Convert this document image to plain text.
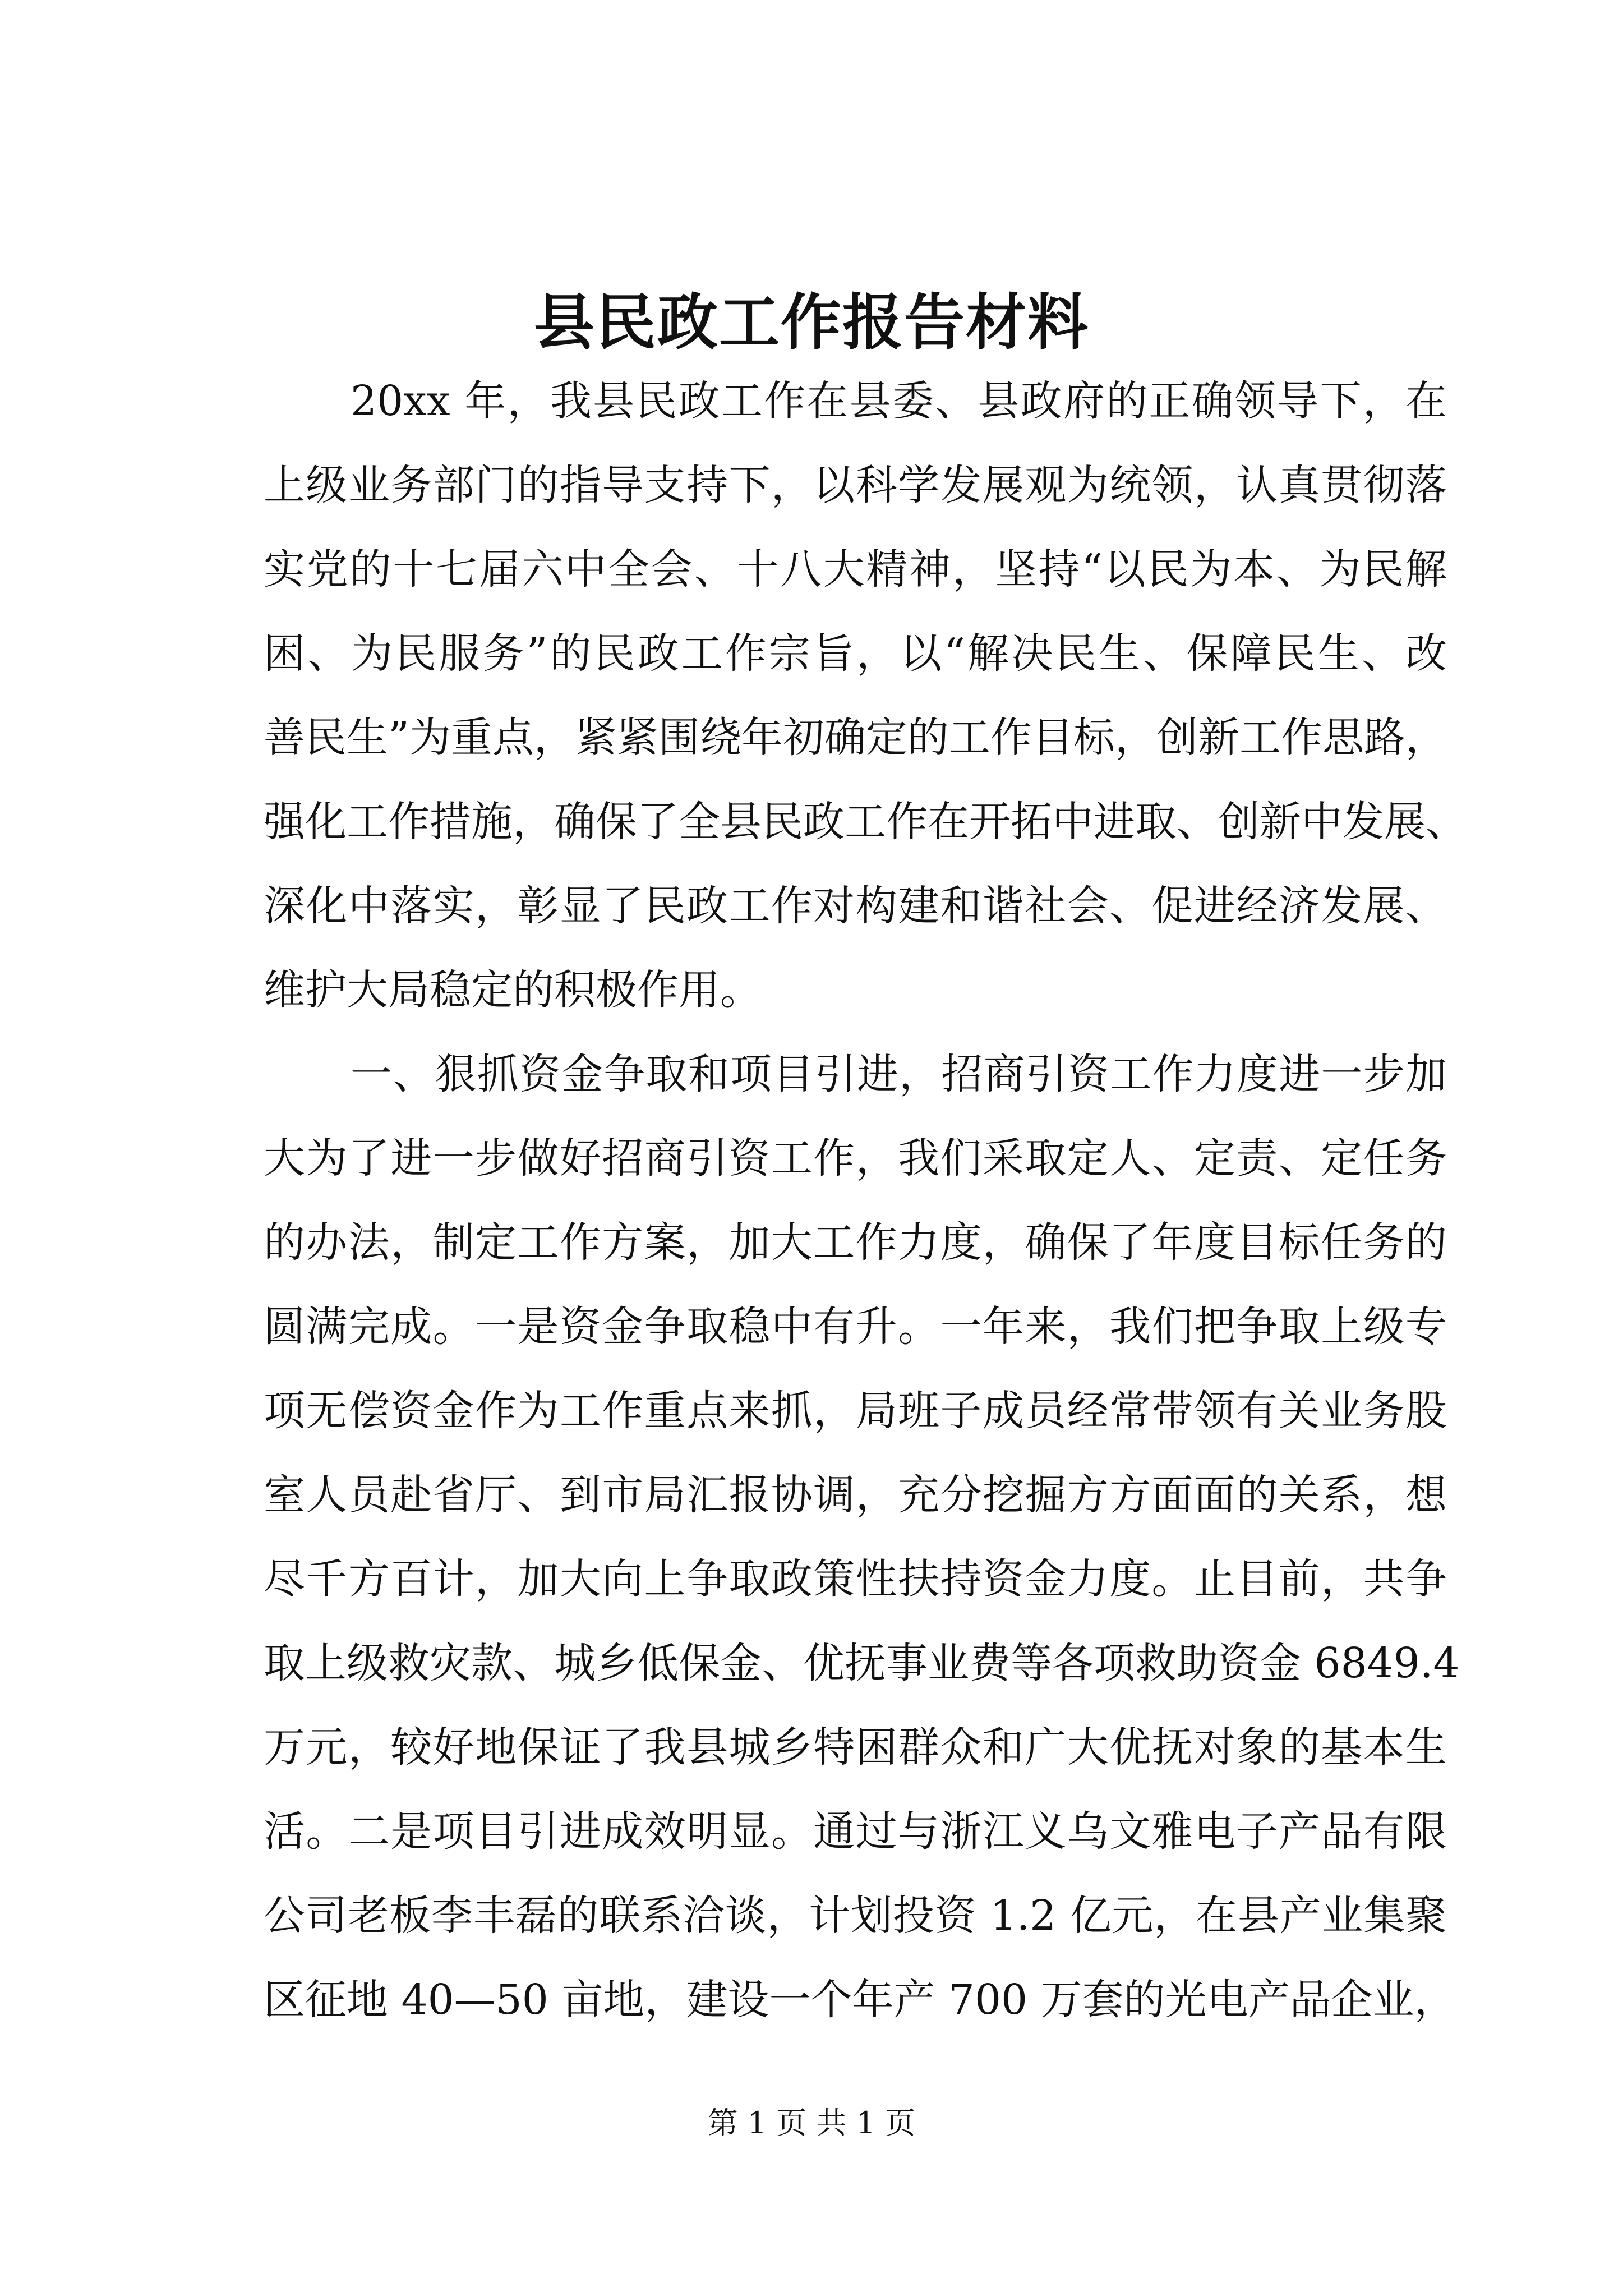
县民政工作报告材料
20xx 年，我县民政工作在县委、县政府的正确领导下，在
上级业务部门的指导支持下，以科学发展观为统领，认真贯彻落
实党的十七届六中全会、十八大精神，坚持“以民为本、为民解
困、为民服务”的民政工作宗旨，以“解决民生、保障民生、改
善民生”为重点，紧紧围绕年初确定的工作目标，创新工作思路，
强化工作措施，确保了全县民政工作在开拓中进取、创新中发展、
深化中落实，彰显了民政工作对构建和谐社会、促进经济发展、
维护大局稳定的积极作用。
一、狠抓资金争取和项目引进，招商引资工作力度进一步加
大为了进一步做好招商引资工作，我们采取定人、定责、定任务
的办法，制定工作方案，加大工作力度，确保了年度目标任务的
圆满完成。一是资金争取稳中有升。一年来，我们把争取上级专
项无偿资金作为工作重点来抓，局班子成员经常带领有关业务股
室人员赴省厅、到市局汇报协调，充分挖掘方方面面的关系，想
尽千方百计，加大向上争取政策性扶持资金力度。止目前，共争
取上级救灾款、城乡低保金、优抚事业费等各项救助资金 6849.4
万元，较好地保证了我县城乡特困群众和广大优抚对象的基本生
活。二是项目引进成效明显。通过与浙江义乌文雅电子产品有限
公司老板李丰磊的联系洽谈，计划投资 1.2 亿元，在县产业集聚
区征地 40—50 亩地，建设一个年产 700 万套的光电产品企业，
第 1 页 共 1 页
